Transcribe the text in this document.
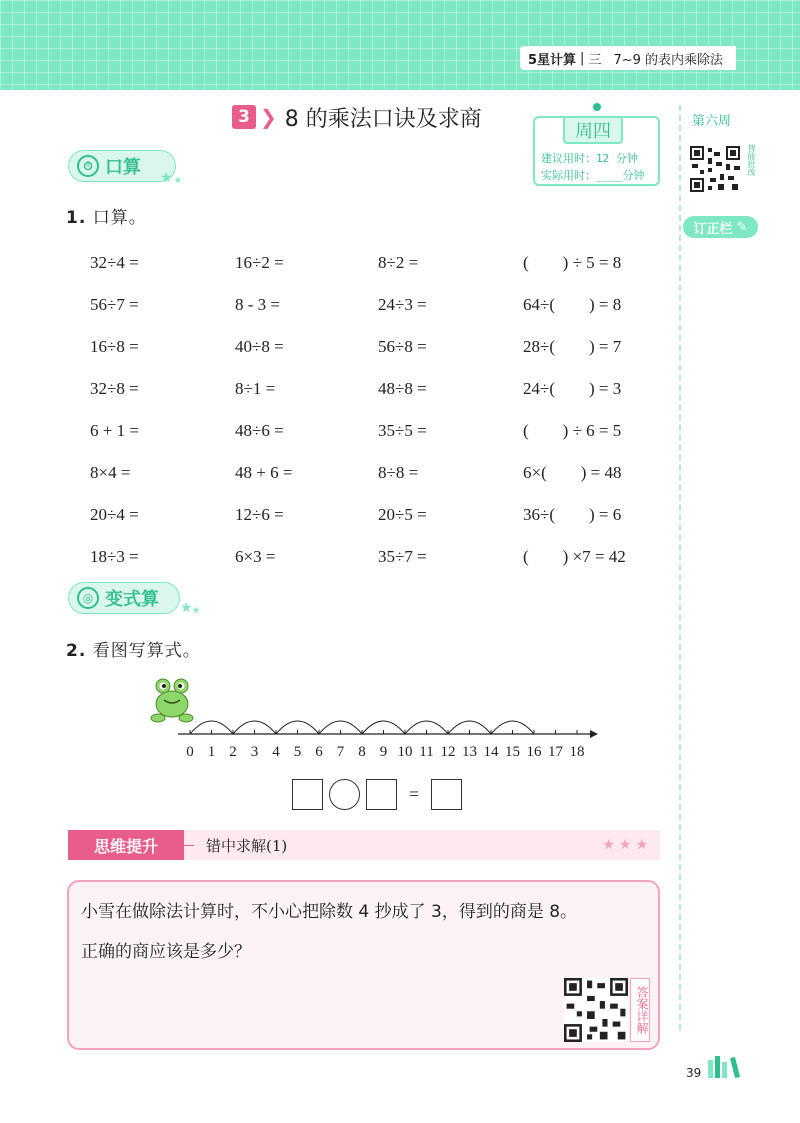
5星计算 | 三 7~9 的表内乘除法
3 ❯ 8 的乘法口诀及求商	周四
建议用时：12 分钟
实际用时：____分钟
第六周
智能批改
订正栏 ✎
⏱ 口算 ★ ★
1. 口算。
32÷4 =	16÷2 =	8÷2 =	(        ) ÷ 5 = 8
56÷7 =	8 - 3 =	24÷3 =	64÷(        ) = 8
16÷8 =	40÷8 =	56÷8 =	28÷(        ) = 7
32÷8 =	8÷1 =	48÷8 =	24÷(        ) = 3
6 + 1 =	48÷6 =	35÷5 =	(        ) ÷ 6 = 5
8×4 =	48 + 6 =	8÷8 =	6×(        ) = 48
20÷4 =	12÷6 =	20÷5 =	36÷(        ) = 6
18÷3 =	6×3 =	35÷7 =	(        ) ×7 = 42
◎ 变式算 ★ ★
2. 看图写算式。
0 1 2 3 4 5 6 7 8 9 10 11 12 13 14 15 16 17 18
=
思维提升	错中求解(1)	★★★
小雪在做除法计算时，不小心把除数 4 抄成了 3，得到的商是 8。
正确的商应该是多少？
答案详解
39
